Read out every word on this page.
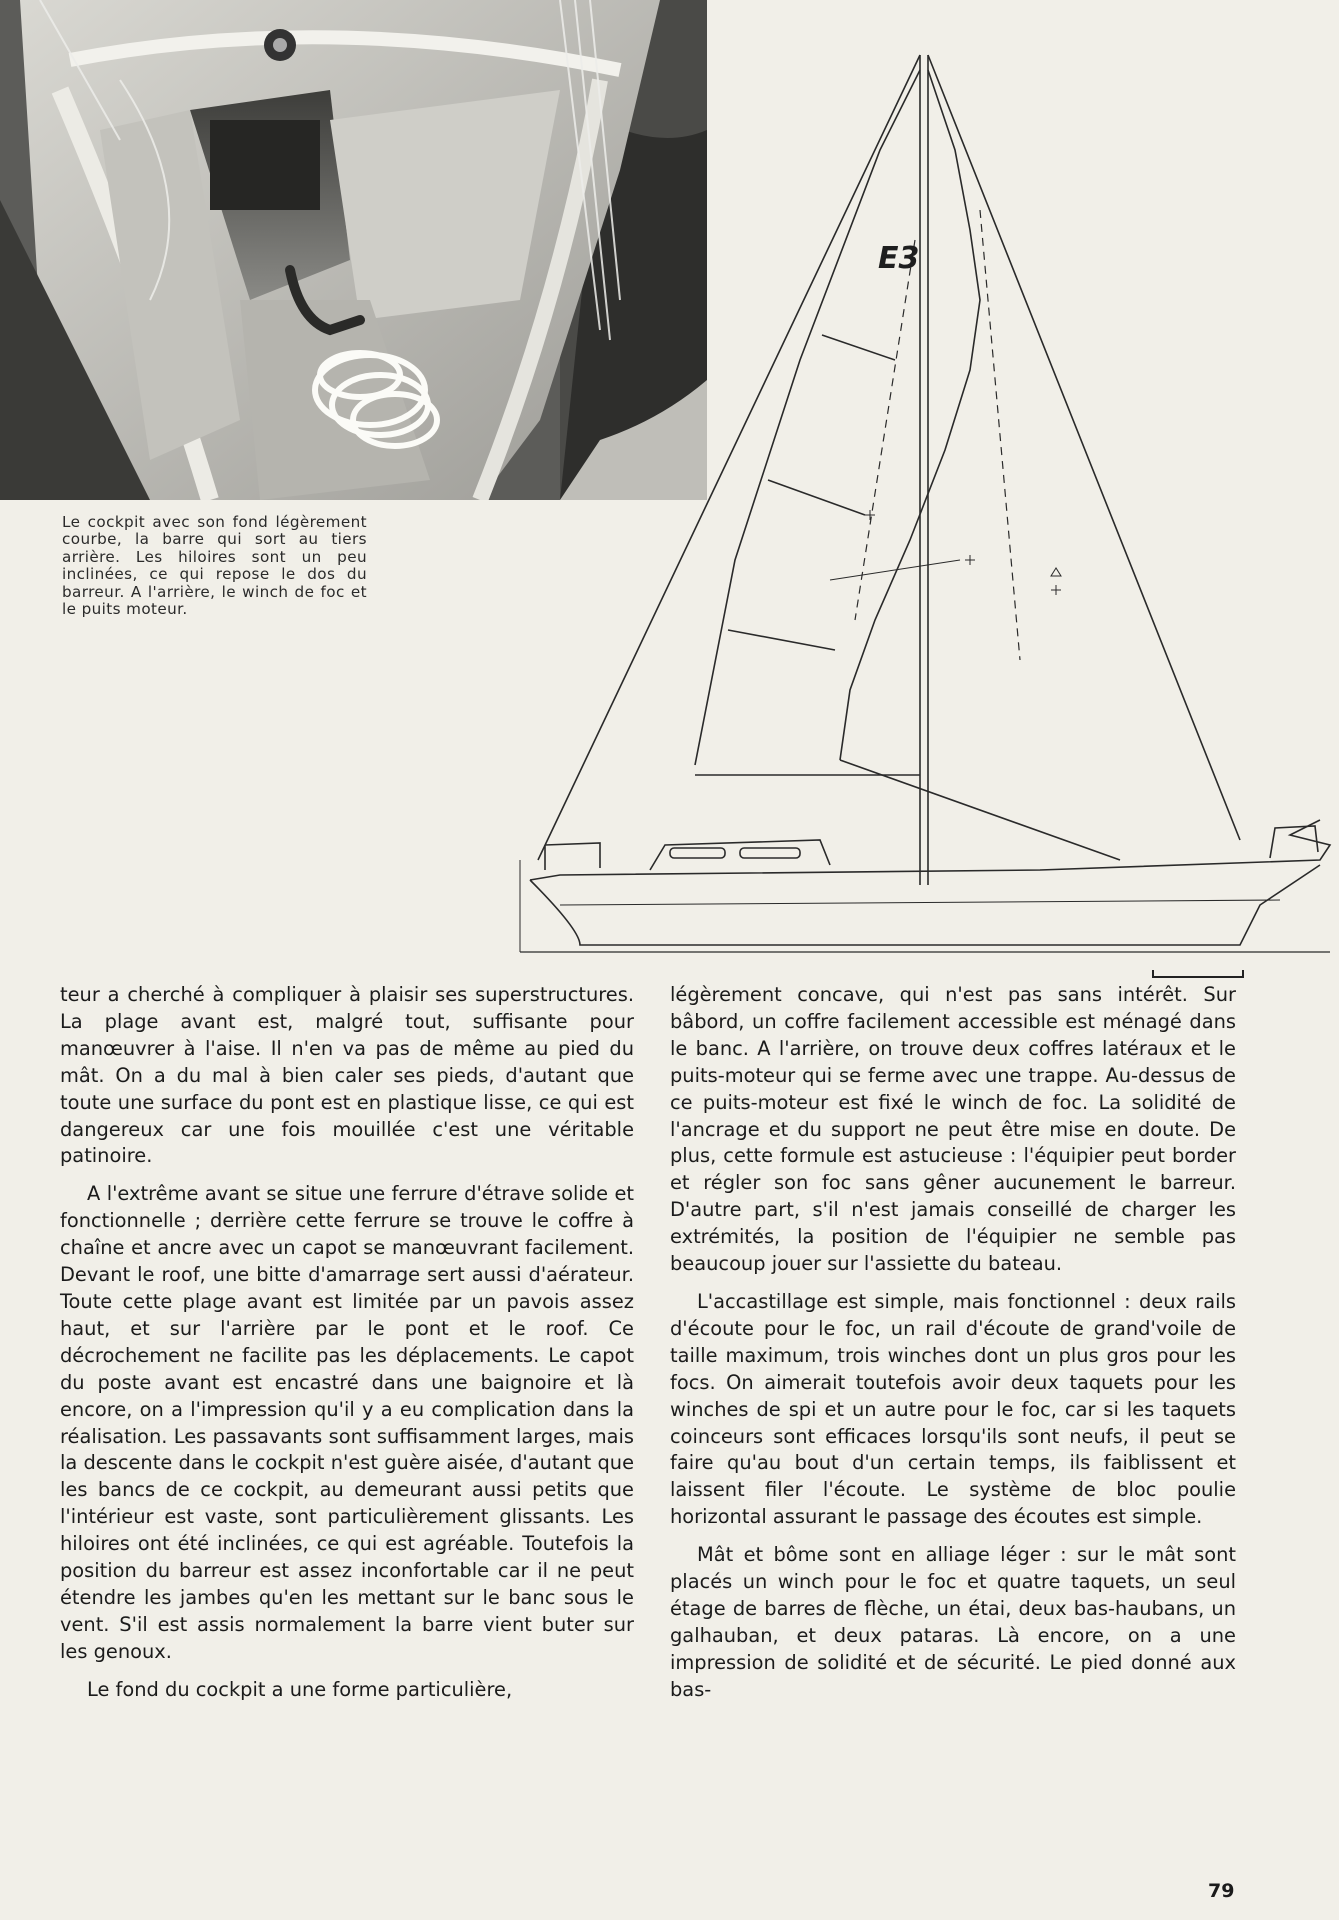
Le cockpit avec son fond légèrement courbe, la barre qui sort au tiers arrière. Les hiloires sont un peu inclinées, ce qui repose le dos du barreur. A l'arrière, le winch de foc et le puits moteur.
E3

teur a cherché à compliquer à plaisir ses superstructures. La plage avant est, malgré tout, suffisante pour manœuvrer à l'aise. Il n'en va pas de même au pied du mât. On a du mal à bien caler ses pieds, d'autant que toute une surface du pont est en plastique lisse, ce qui est dangereux car une fois mouillée c'est une véritable patinoire.

A l'extrême avant se situe une ferrure d'étrave solide et fonctionnelle ; derrière cette ferrure se trouve le coffre à chaîne et ancre avec un capot se manœuvrant facilement. Devant le roof, une bitte d'amarrage sert aussi d'aérateur. Toute cette plage avant est limitée par un pavois assez haut, et sur l'arrière par le pont et le roof. Ce décrochement ne facilite pas les déplacements. Le capot du poste avant est encastré dans une baignoire et là encore, on a l'impression qu'il y a eu complication dans la réalisation. Les passavants sont suffisamment larges, mais la descente dans le cockpit n'est guère aisée, d'autant que les bancs de ce cockpit, au demeurant aussi petits que l'intérieur est vaste, sont particulièrement glissants. Les hiloires ont été inclinées, ce qui est agréable. Toutefois la position du barreur est assez inconfortable car il ne peut étendre les jambes qu'en les mettant sur le banc sous le vent. S'il est assis normalement la barre vient buter sur les genoux.

Le fond du cockpit a une forme particulière,

légèrement concave, qui n'est pas sans intérêt. Sur bâbord, un coffre facilement accessible est ménagé dans le banc. A l'arrière, on trouve deux coffres latéraux et le puits-moteur qui se ferme avec une trappe. Au-dessus de ce puits-moteur est fixé le winch de foc. La solidité de l'ancrage et du support ne peut être mise en doute. De plus, cette formule est astucieuse : l'équipier peut border et régler son foc sans gêner aucunement le barreur. D'autre part, s'il n'est jamais conseillé de charger les extrémités, la position de l'équipier ne semble pas beaucoup jouer sur l'assiette du bateau.

L'accastillage est simple, mais fonctionnel : deux rails d'écoute pour le foc, un rail d'écoute de grand'voile de taille maximum, trois winches dont un plus gros pour les focs. On aimerait toutefois avoir deux taquets pour les winches de spi et un autre pour le foc, car si les taquets coinceurs sont efficaces lorsqu'ils sont neufs, il peut se faire qu'au bout d'un certain temps, ils faiblissent et laissent filer l'écoute. Le système de bloc poulie horizontal assurant le passage des écoutes est simple.

Mât et bôme sont en alliage léger : sur le mât sont placés un winch pour le foc et quatre taquets, un seul étage de barres de flèche, un étai, deux bas-haubans, un galhauban, et deux pataras. Là encore, on a une impression de solidité et de sécurité. Le pied donné aux bas-

79
